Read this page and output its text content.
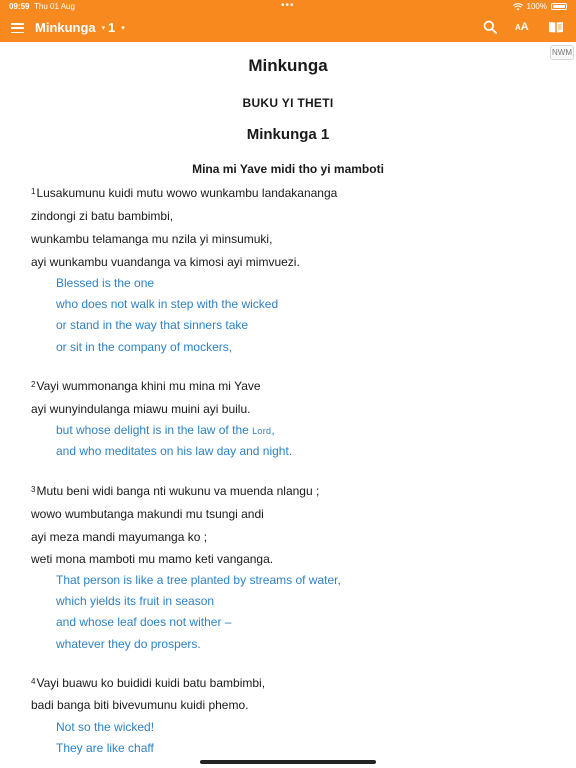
09:59 Thu 01 Aug	•••	100%
Minkunga ▾ 1 ▾	AA
NWM
Minkunga
BUKU YI THETI
Minkunga 1
Mina mi Yave midi tho yi mamboti
$^1$Lusakumunu kuidi mutu wowo wunkambu landakananga
zindongi zi batu bambimbi,
wunkambu telamanga mu nzila yi minsumuki,
ayi wunkambu vuandanga va kimosi ayi mimvuezi.
Blessed is the one
who does not walk in step with the wicked
or stand in the way that sinners take
or sit in the company of mockers,
$^2$Vayi wummonanga khini mu mina mi Yave
ayi wunyindulanga miawu muini ayi builu.
but whose delight is in the law of the Lord,
and who meditates on his law day and night.
$^3$Mutu beni widi banga nti wukunu va muenda nlangu ;
wowo wumbutanga makundi mu tsungi andi
ayi meza mandi mayumanga ko ;
weti mona mamboti mu mamo keti vanganga.
That person is like a tree planted by streams of water,
which yields its fruit in season
and whose leaf does not wither –
whatever they do prospers.
$^4$Vayi buawu ko buididi kuidi batu bambimbi,
badi banga biti bivevumunu kuidi phemo.
Not so the wicked!
They are like chaff
